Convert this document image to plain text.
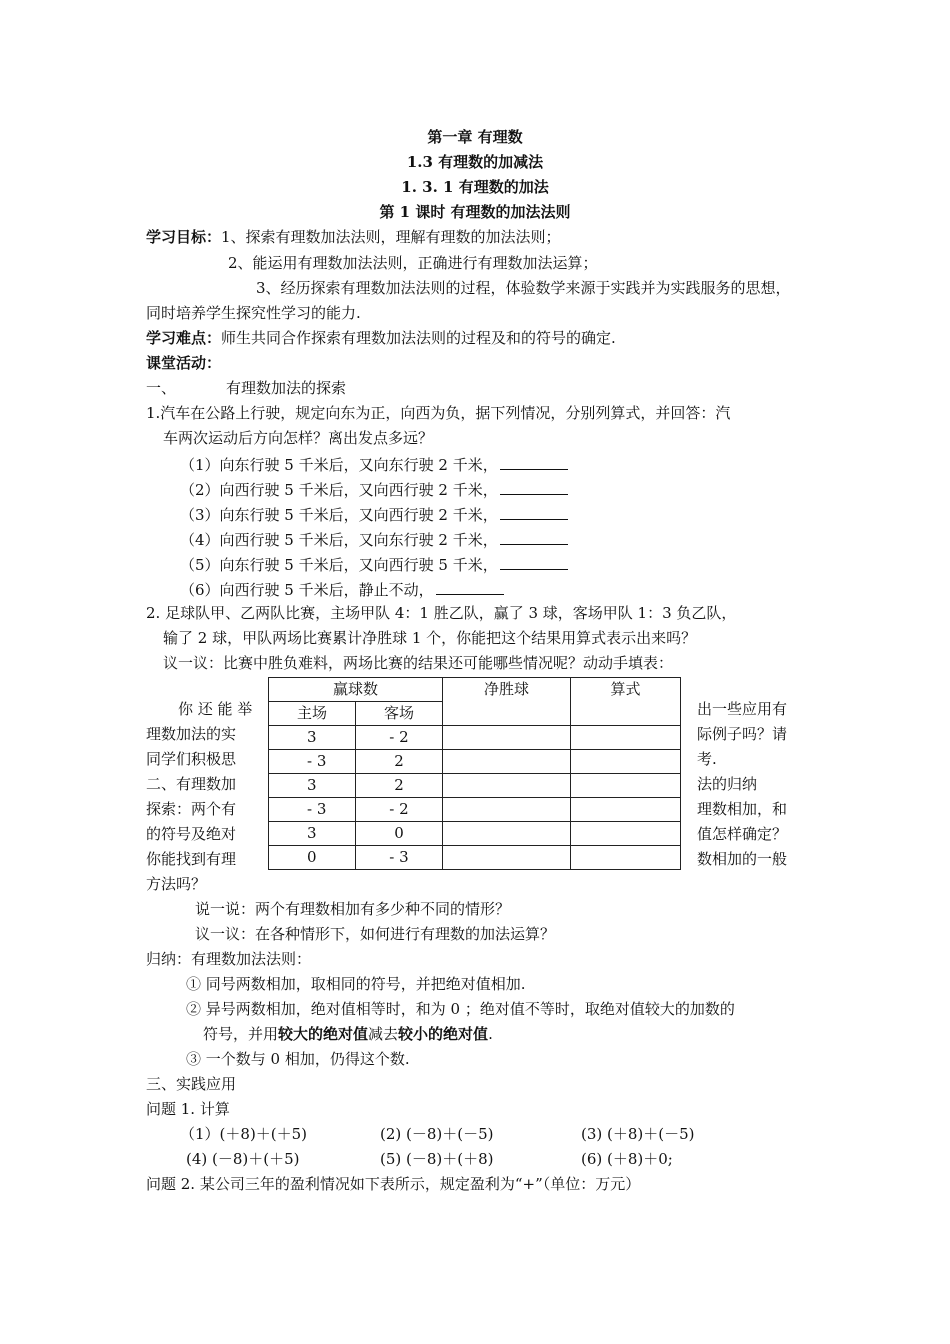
第一章 有理数
1.3 有理数的加减法
1. 3. 1 有理数的加法
第 1 课时 有理数的加法法则
学习目标：1、探索有理数加法法则，理解有理数的加法法则；
2、能运用有理数加法法则，正确进行有理数加法运算；
3、经历探索有理数加法法则的过程，体验数学来源于实践并为实践服务的思想，
同时培养学生探究性学习的能力.
学习难点：师生共同合作探索有理数加法法则的过程及和的符号的确定.
课堂活动：
一、	有理数加法的探索
1.汽车在公路上行驶，规定向东为正，向西为负，据下列情况，分别列算式，并回答：汽
车两次运动后方向怎样？离出发点多远？
（1）向东行驶 5 千米后，又向东行驶 2 千米，
（2）向西行驶 5 千米后，又向西行驶 2 千米，
（3）向东行驶 5 千米后，又向西行驶 2 千米，
（4）向西行驶 5 千米后，又向东行驶 2 千米，
（5）向东行驶 5 千米后，又向西行驶 5 千米，
（6）向西行驶 5 千米后，静止不动，
2. 足球队甲、乙两队比赛，主场甲队 4：1 胜乙队，赢了 3 球，客场甲队 1：3 负乙队，
输了 2 球，甲队两场比赛累计净胜球 1 个，你能把这个结果用算式表示出来吗？
议一议：比赛中胜负难料，两场比赛的结果还可能哪些情况呢？动动手填表：
赢球数		净胜球	算式
主场	客场		
3	- 2		
- 3	2		
3	2		
- 3	- 2		
3	0		
0	- 3		
你 还 能 举
理数加法的实
同学们积极思
二、有理数加
探索：两个有
的符号及绝对
你能找到有理
方法吗？
出一些应用有
际例子吗？请
考.
法的归纳
理数相加，和
值怎样确定？
数相加的一般
说一说：两个有理数相加有多少种不同的情形？
议一议：在各种情形下，如何进行有理数的加法运算？
归纳：有理数加法法则：
① 同号两数相加，取相同的符号，并把绝对值相加.
② 异号两数相加，绝对值相等时，和为 0 ；绝对值不等时，取绝对值较大的加数的
符号，并用较大的绝对值减去较小的绝对值.
③ 一个数与 0 相加，仍得这个数.
三、实践应用
问题 1. 计算
（1）(＋8)＋(＋5)	(2) (－8)＋(－5)	(3) (＋8)＋(－5)
(4) (－8)＋(＋5)	(5) (－8)＋(＋8)	(6) (＋8)＋0;
问题 2. 某公司三年的盈利情况如下表所示，规定盈利为“+”（单位：万元）
